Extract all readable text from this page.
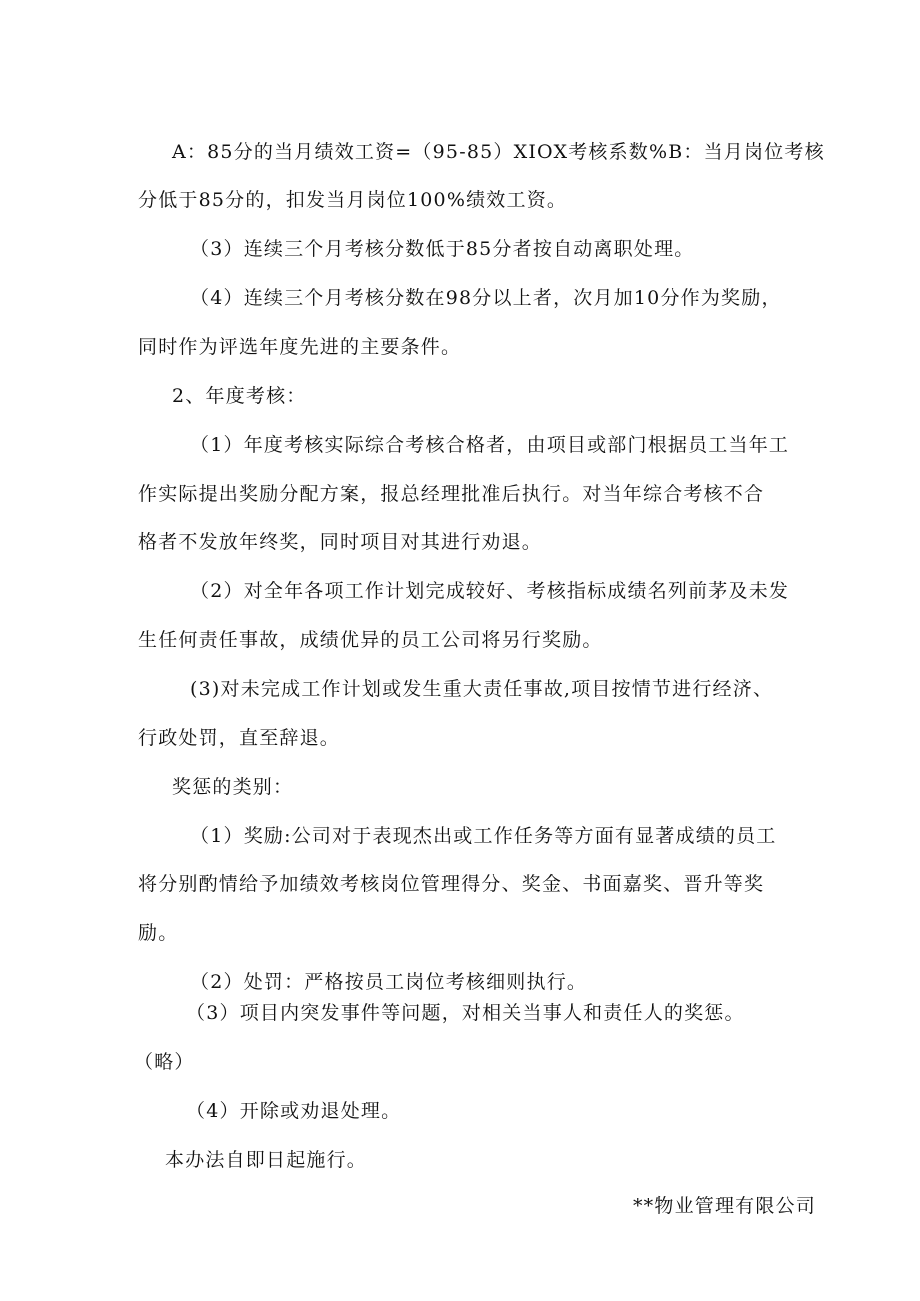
A：85分的当月绩效工资=（95-85）XIOX考核系数%B：当月岗位考核

分低于85分的，扣发当月岗位100%绩效工资。

（3）连续三个月考核分数低于85分者按自动离职处理。

（4）连续三个月考核分数在98分以上者，次月加10分作为奖励，

同时作为评选年度先进的主要条件。

2、年度考核：

（1）年度考核实际综合考核合格者，由项目或部门根据员工当年工

作实际提出奖励分配方案，报总经理批准后执行。对当年综合考核不合

格者不发放年终奖，同时项目对其进行劝退。

（2）对全年各项工作计划完成较好、考核指标成绩名列前茅及未发

生任何责任事故，成绩优异的员工公司将另行奖励。

(3)对未完成工作计划或发生重大责任事故,项目按情节进行经济、

行政处罚，直至辞退。

奖惩的类别：

（1）奖励:公司对于表现杰出或工作任务等方面有显著成绩的员工

将分别酌情给予加绩效考核岗位管理得分、奖金、书面嘉奖、晋升等奖

励。

（2）处罚：严格按员工岗位考核细则执行。

（3）项目内突发事件等问题，对相关当事人和责任人的奖惩。

（略）

（4）开除或劝退处理。

本办法自即日起施行。

**物业管理有限公司
